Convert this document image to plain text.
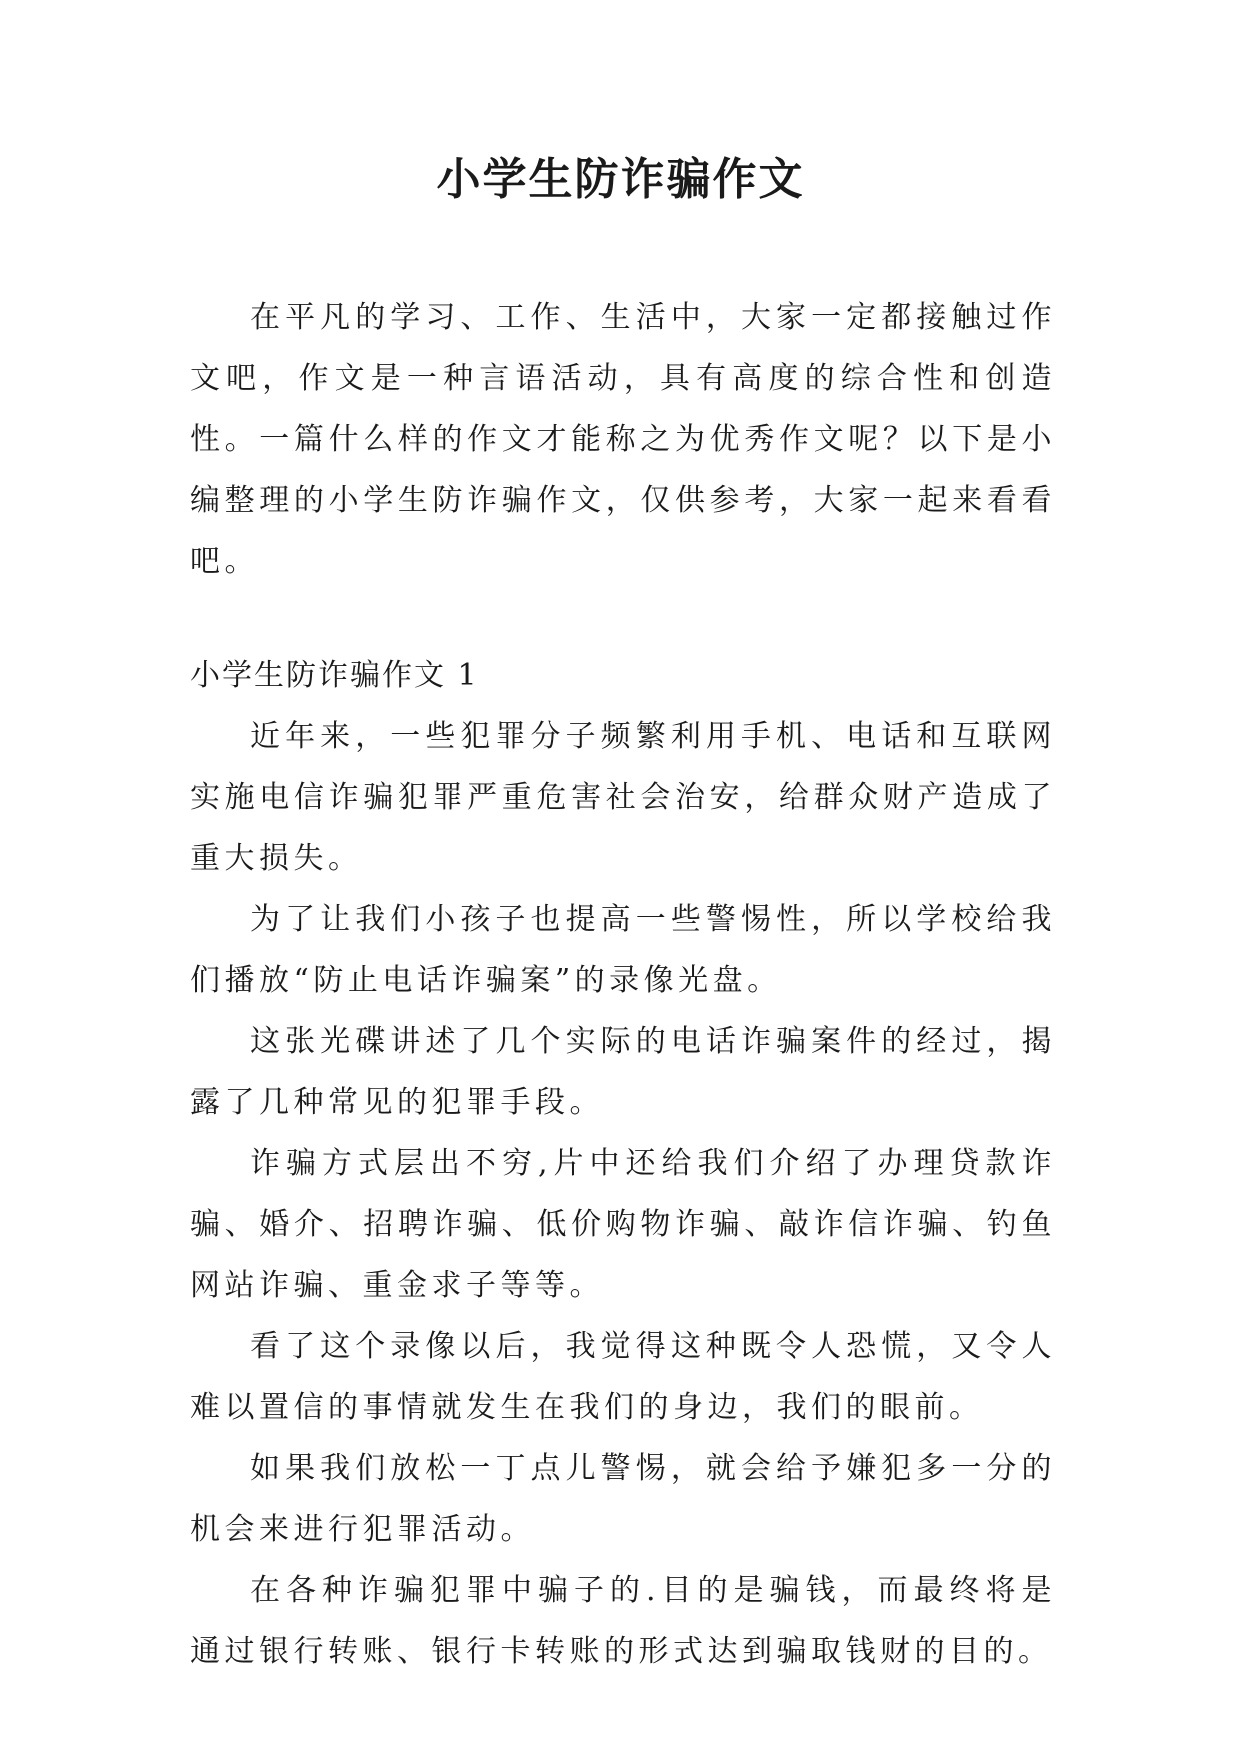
小学生防诈骗作文

在平凡的学习、工作、生活中，大家一定都接触过作文吧，作文是一种言语活动，具有高度的综合性和创造性。一篇什么样的作文才能称之为优秀作文呢？以下是小编整理的小学生防诈骗作文，仅供参考，大家一起来看看吧。

小学生防诈骗作文 1

近年来，一些犯罪分子频繁利用手机、电话和互联网实施电信诈骗犯罪严重危害社会治安，给群众财产造成了重大损失。

为了让我们小孩子也提高一些警惕性，所以学校给我们播放“防止电话诈骗案”的录像光盘。

这张光碟讲述了几个实际的电话诈骗案件的经过，揭露了几种常见的犯罪手段。

诈骗方式层出不穷,片中还给我们介绍了办理贷款诈骗、婚介、招聘诈骗、低价购物诈骗、敲诈信诈骗、钓鱼网站诈骗、重金求子等等。

看了这个录像以后，我觉得这种既令人恐慌，又令人难以置信的事情就发生在我们的身边，我们的眼前。

如果我们放松一丁点儿警惕，就会给予嫌犯多一分的机会来进行犯罪活动。

在各种诈骗犯罪中骗子的.目的是骗钱，而最终将是通过银行转账、银行卡转账的形式达到骗取钱财的目的。
